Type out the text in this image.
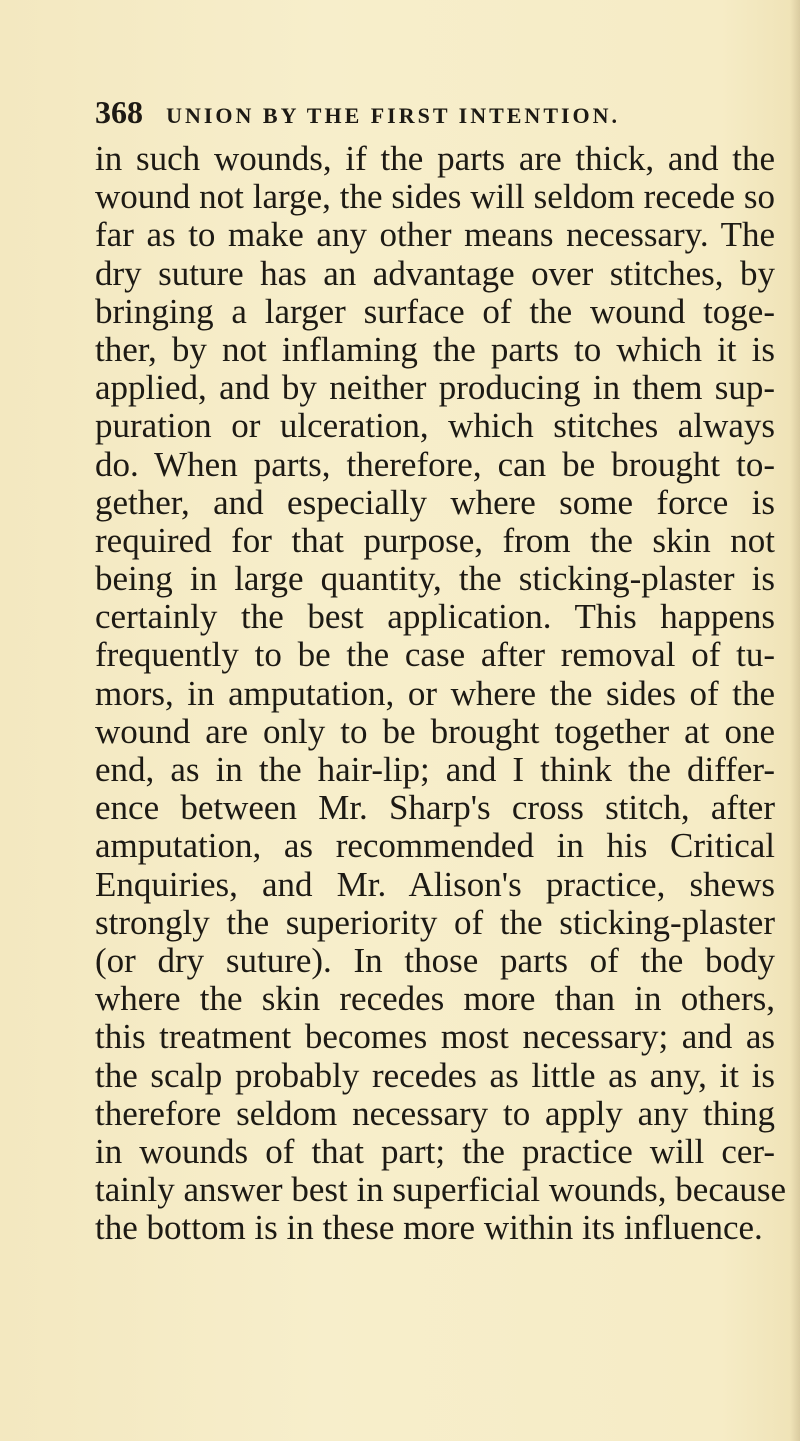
368 UNION BY THE FIRST INTENTION.
in such wounds, if the parts are thick, and the
wound not large, the sides will seldom recede so
far as to make any other means necessary. The
dry suture has an advantage over stitches, by
bringing a larger surface of the wound toge-
ther, by not inflaming the parts to which it is
applied, and by neither producing in them sup-
puration or ulceration, which stitches always
do. When parts, therefore, can be brought to-
gether, and especially where some force is
required for that purpose, from the skin not
being in large quantity, the sticking-plaster is
certainly the best application. This happens
frequently to be the case after removal of tu-
mors, in amputation, or where the sides of the
wound are only to be brought together at one
end, as in the hair-lip; and I think the differ-
ence between Mr. Sharp's cross stitch, after
amputation, as recommended in his Critical
Enquiries, and Mr. Alison's practice, shews
strongly the superiority of the sticking-plaster
(or dry suture). In those parts of the body
where the skin recedes more than in others,
this treatment becomes most necessary; and as
the scalp probably recedes as little as any, it is
therefore seldom necessary to apply any thing
in wounds of that part; the practice will cer-
tainly answer best in superficial wounds, because
the bottom is in these more within its influence.
